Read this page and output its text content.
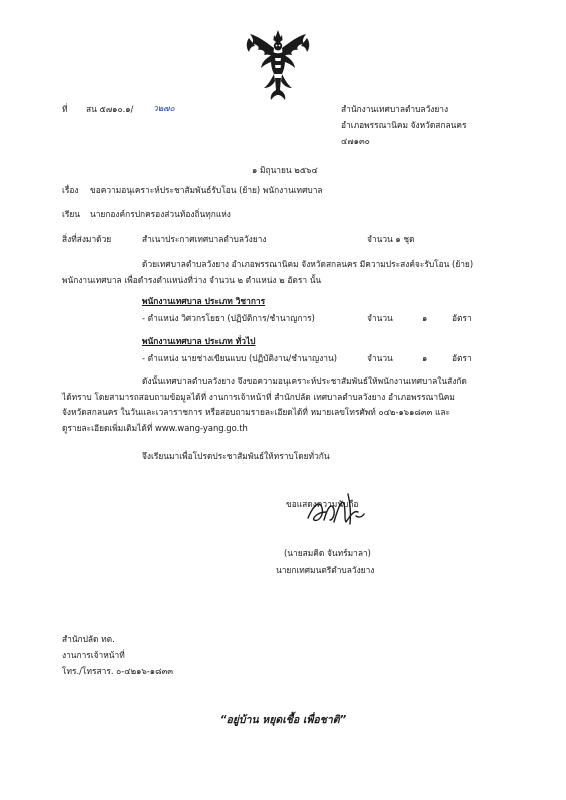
ที่ สน ๕๗๑๐.๑/ ว๒๗๐	สำนักงานเทศบาลตำบลวังยาง
อำเภอพรรณานิคม จังหวัดสกลนคร
๔๗๑๓๐
๑ มิถุนายน ๒๕๖๔
เรื่อง ขอความอนุเคราะห์ประชาสัมพันธ์รับโอน (ย้าย) พนักงานเทศบาล
เรียน นายกองค์กรปกครองส่วนท้องถิ่นทุกแห่ง
สิ่งที่ส่งมาด้วย	สำเนาประกาศเทศบาลตำบลวังยาง	จำนวน ๑ ชุด
ด้วยเทศบาลตำบลวังยาง อำเภอพรรณานิคม จังหวัดสกลนคร มีความประสงค์จะรับโอน (ย้าย)
พนักงานเทศบาล เพื่อดำรงตำแหน่งที่ว่าง จำนวน ๒ ตำแหน่ง ๒ อัตรา นั้น
พนักงานเทศบาล ประเภท วิชาการ
- ตำแหน่ง วิศวกรโยธา (ปฏิบัติการ/ชำนาญการ)	จำนวน	๑	อัตรา
พนักงานเทศบาล ประเภท ทั่วไป
- ตำแหน่ง นายช่างเขียนแบบ (ปฏิบัติงาน/ชำนาญงาน)	จำนวน	๑	อัตรา
ดังนั้นเทศบาลตำบลวังยาง จึงขอความอนุเคราะห์ประชาสัมพันธ์ให้พนักงานเทศบาลในสังกัด
ได้ทราบ โดยสามารถสอบถามข้อมูลได้ที่ งานการเจ้าหน้าที่ สำนักปลัด เทศบาลตำบลวังยาง อำเภอพรรณานิคม
จังหวัดสกลนคร ในวันและเวลาราชการ หรือสอบถามรายละเอียดได้ที่ หมายเลขโทรศัพท์ ๐๔๒-๑๖๑๘๓๓ และ
ดูรายละเอียดเพิ่มเติมได้ที่ www.wang-yang.go.th
จึงเรียนมาเพื่อโปรดประชาสัมพันธ์ให้ทราบโดยทั่วกัน
ขอแสดงความนับถือ
(นายสมคิด จันทร์มาลา)
นายกเทศมนตรีตำบลวังยาง
สำนักปลัด ทต.
งานการเจ้าหน้าที่
โทร./โทรสาร. ๐-๔๒๑๖-๑๘๓๓
“อยู่บ้าน หยุดเชื้อ เพื่อชาติ”
